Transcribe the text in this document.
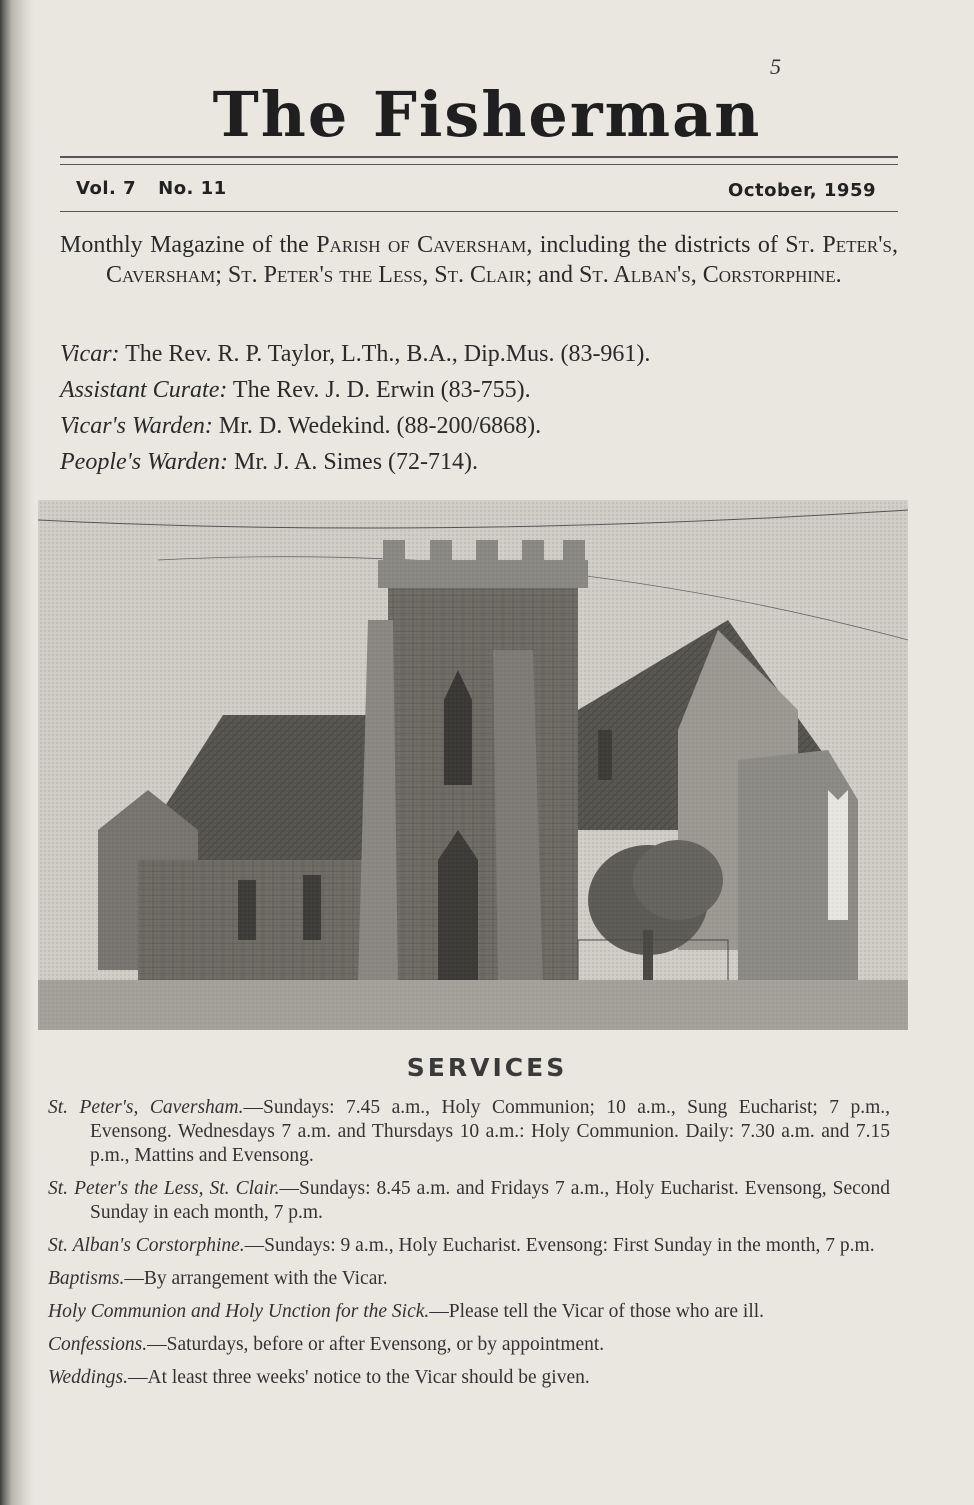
5
The Fisherman
Vol. 7 No. 11	October, 1959
Monthly Magazine of the Parish of Caversham, including the districts of St. Peter's, Caversham; St. Peter's the Less, St. Clair; and St. Alban's, Corstorphine.
Vicar: The Rev. R. P. Taylor, L.Th., B.A., Dip.Mus. (83-961).
Assistant Curate: The Rev. J. D. Erwin (83-755).
Vicar's Warden: Mr. D. Wedekind. (88-200/6868).
People's Warden: Mr. J. A. Simes (72-714).
SERVICES

St. Peter's, Caversham.—Sundays: 7.45 a.m., Holy Communion; 10 a.m., Sung Eucharist; 7 p.m., Evensong. Wednesdays 7 a.m. and Thursdays 10 a.m.: Holy Communion. Daily: 7.30 a.m. and 7.15 p.m., Mattins and Evensong.

St. Peter's the Less, St. Clair.—Sundays: 8.45 a.m. and Fridays 7 a.m., Holy Eucharist. Evensong, Second Sunday in each month, 7 p.m.

St. Alban's Corstorphine.—Sundays: 9 a.m., Holy Eucharist. Evensong: First Sunday in the month, 7 p.m.

Baptisms.—By arrangement with the Vicar.

Holy Communion and Holy Unction for the Sick.—Please tell the Vicar of those who are ill.

Confessions.—Saturdays, before or after Evensong, or by appointment.

Weddings.—At least three weeks' notice to the Vicar should be given.
